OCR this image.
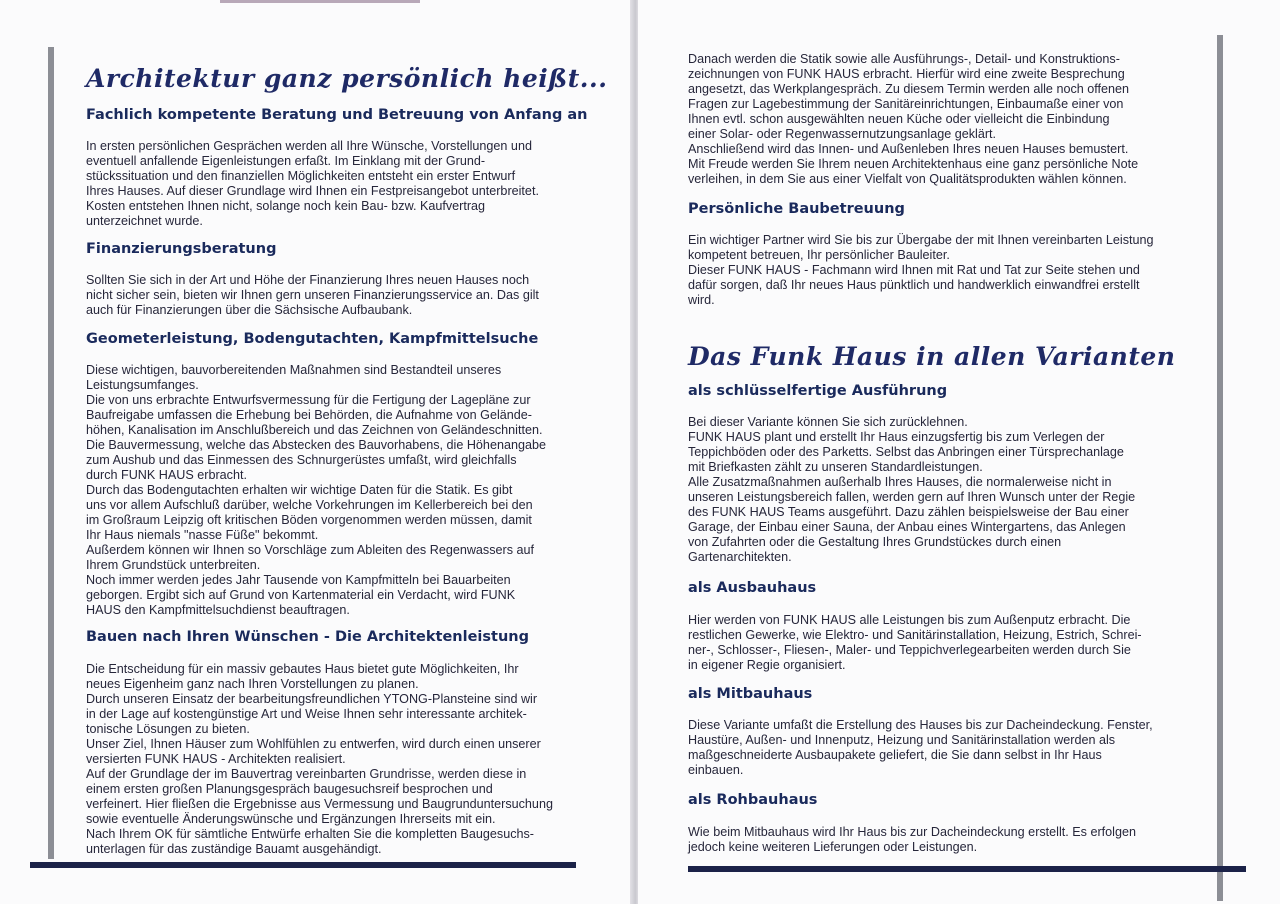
Architektur ganz persönlich heißt...
Fachlich kompetente Beratung und Betreuung von Anfang an

In ersten persönlichen Gesprächen werden all Ihre Wünsche, Vorstellungen und

eventuell anfallende Eigenleistungen erfaßt. Im Einklang mit der Grund-

stückssituation und den finanziellen Möglichkeiten entsteht ein erster Entwurf

Ihres Hauses. Auf dieser Grundlage wird Ihnen ein Festpreisangebot unterbreitet.

Kosten entstehen Ihnen nicht, solange noch kein Bau- bzw. Kaufvertrag

unterzeichnet wurde.

Finanzierungsberatung

Sollten Sie sich in der Art und Höhe der Finanzierung Ihres neuen Hauses noch

nicht sicher sein, bieten wir Ihnen gern unseren Finanzierungsservice an. Das gilt

auch für Finanzierungen über die Sächsische Aufbaubank.

Geometerleistung, Bodengutachten, Kampfmittelsuche

Diese wichtigen, bauvorbereitenden Maßnahmen sind Bestandteil unseres

Leistungsumfanges.

Die von uns erbrachte Entwurfsvermessung für die Fertigung der Lagepläne zur

Baufreigabe umfassen die Erhebung bei Behörden, die Aufnahme von Gelände-

höhen, Kanalisation im Anschlußbereich und das Zeichnen von Geländeschnitten.

Die Bauvermessung, welche das Abstecken des Bauvorhabens, die Höhenangabe

zum Aushub und das Einmessen des Schnurgerüstes umfaßt, wird gleichfalls

durch FUNK HAUS erbracht.

Durch das Bodengutachten erhalten wir wichtige Daten für die Statik. Es gibt

uns vor allem Aufschluß darüber, welche Vorkehrungen im Kellerbereich bei den

im Großraum Leipzig oft kritischen Böden vorgenommen werden müssen, damit

Ihr Haus niemals "nasse Füße" bekommt.

Außerdem können wir Ihnen so Vorschläge zum Ableiten des Regenwassers auf

Ihrem Grundstück unterbreiten.

Noch immer werden jedes Jahr Tausende von Kampfmitteln bei Bauarbeiten

geborgen. Ergibt sich auf Grund von Kartenmaterial ein Verdacht, wird FUNK

HAUS den Kampfmittelsuchdienst beauftragen.

Bauen nach Ihren Wünschen - Die Architektenleistung

Die Entscheidung für ein massiv gebautes Haus bietet gute Möglichkeiten, Ihr

neues Eigenheim ganz nach Ihren Vorstellungen zu planen.

Durch unseren Einsatz der bearbeitungsfreundlichen YTONG-Plansteine sind wir

in der Lage auf kostengünstige Art und Weise Ihnen sehr interessante architek-

tonische Lösungen zu bieten.

Unser Ziel, Ihnen Häuser zum Wohlfühlen zu entwerfen, wird durch einen unserer

versierten FUNK HAUS - Architekten realisiert.

Auf der Grundlage der im Bauvertrag vereinbarten Grundrisse, werden diese in

einem ersten großen Planungsgespräch baugesuchsreif besprochen und

verfeinert. Hier fließen die Ergebnisse aus Vermessung und Baugrunduntersuchung

sowie eventuelle Änderungswünsche und Ergänzungen Ihrerseits mit ein.

Nach Ihrem OK für sämtliche Entwürfe erhalten Sie die kompletten Baugesuchs-

unterlagen für das zuständige Bauamt ausgehändigt.

Danach werden die Statik sowie alle Ausführungs-, Detail- und Konstruktions-

zeichnungen von FUNK HAUS erbracht. Hierfür wird eine zweite Besprechung

angesetzt, das Werkplangespräch. Zu diesem Termin werden alle noch offenen

Fragen zur Lagebestimmung der Sanitäreinrichtungen, Einbaumaße einer von

Ihnen evtl. schon ausgewählten neuen Küche oder vielleicht die Einbindung

einer Solar- oder Regenwassernutzungsanlage geklärt.

Anschließend wird das Innen- und Außenleben Ihres neuen Hauses bemustert.

Mit Freude werden Sie Ihrem neuen Architektenhaus eine ganz persönliche Note

verleihen, in dem Sie aus einer Vielfalt von Qualitätsprodukten wählen können.

Persönliche Baubetreuung

Ein wichtiger Partner wird Sie bis zur Übergabe der mit Ihnen vereinbarten Leistung

kompetent betreuen, Ihr persönlicher Bauleiter.

Dieser FUNK HAUS - Fachmann wird Ihnen mit Rat und Tat zur Seite stehen und

dafür sorgen, daß Ihr neues Haus pünktlich und handwerklich einwandfrei erstellt

wird.

Das Funk Haus in allen Varianten
als schlüsselfertige Ausführung

Bei dieser Variante können Sie sich zurücklehnen.

FUNK HAUS plant und erstellt Ihr Haus einzugsfertig bis zum Verlegen der

Teppichböden oder des Parketts. Selbst das Anbringen einer Türsprechanlage

mit Briefkasten zählt zu unseren Standardleistungen.

Alle Zusatzmaßnahmen außerhalb Ihres Hauses, die normalerweise nicht in

unseren Leistungsbereich fallen, werden gern auf Ihren Wunsch unter der Regie

des FUNK HAUS Teams ausgeführt. Dazu zählen beispielsweise der Bau einer

Garage, der Einbau einer Sauna, der Anbau eines Wintergartens, das Anlegen

von Zufahrten oder die Gestaltung Ihres Grundstückes durch einen

Gartenarchitekten.

als Ausbauhaus

Hier werden von FUNK HAUS alle Leistungen bis zum Außenputz erbracht. Die

restlichen Gewerke, wie Elektro- und Sanitärinstallation, Heizung, Estrich, Schrei-

ner-, Schlosser-, Fliesen-, Maler- und Teppichverlegearbeiten werden durch Sie

in eigener Regie organisiert.

als Mitbauhaus

Diese Variante umfaßt die Erstellung des Hauses bis zur Dacheindeckung. Fenster,

Haustüre, Außen- und Innenputz, Heizung und Sanitärinstallation werden als

maßgeschneiderte Ausbaupakete geliefert, die Sie dann selbst in Ihr Haus

einbauen.

als Rohbauhaus

Wie beim Mitbauhaus wird Ihr Haus bis zur Dacheindeckung erstellt. Es erfolgen

jedoch keine weiteren Lieferungen oder Leistungen.
